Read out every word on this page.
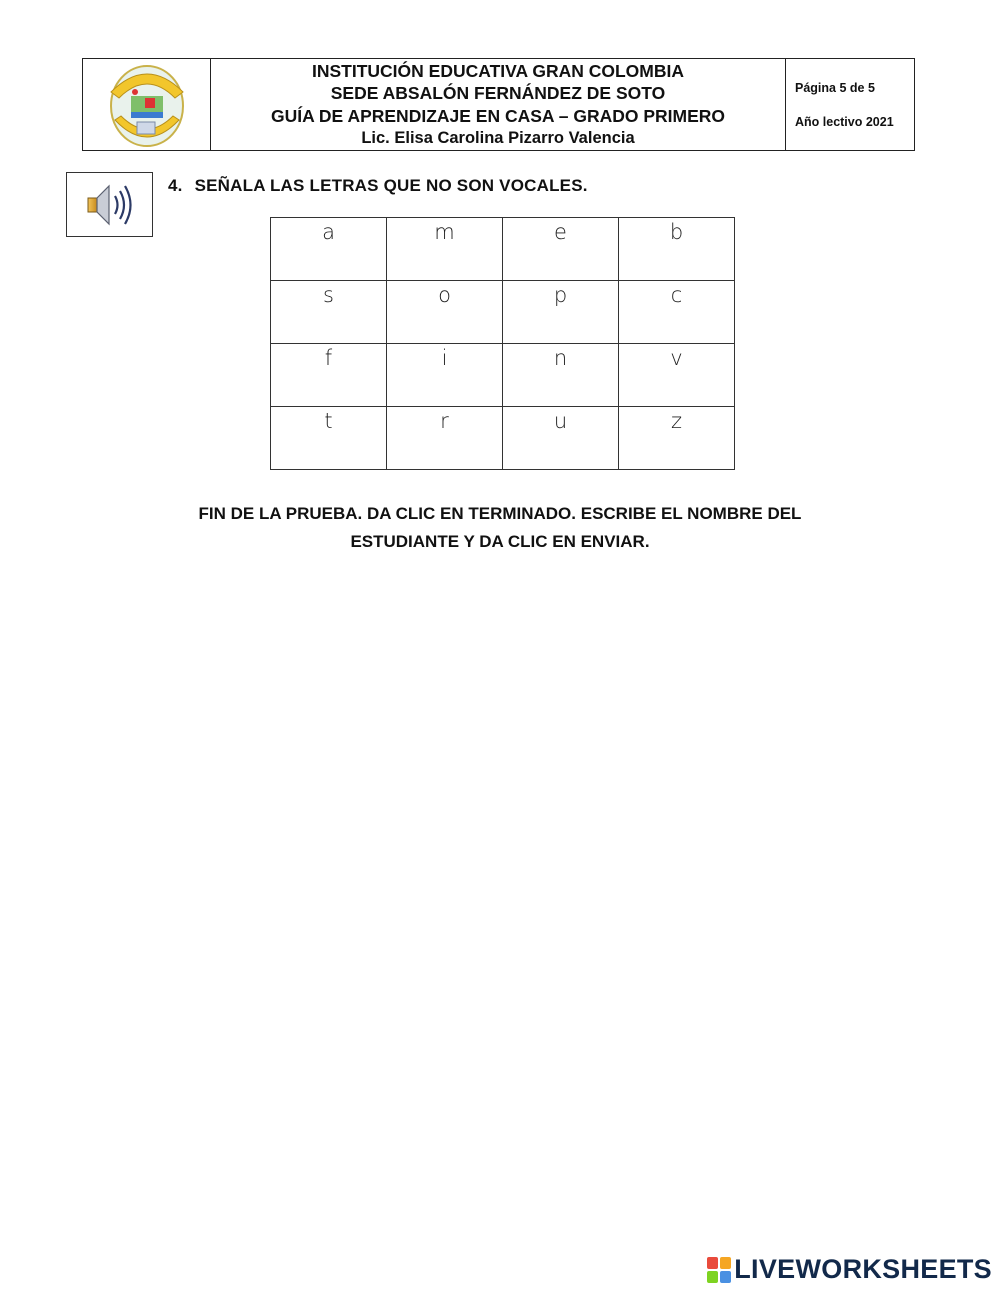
INSTITUCIÓN EDUCATIVA GRAN COLOMBIA
SEDE ABSALÓN FERNÁNDEZ DE SOTO
GUÍA DE APRENDIZAJE EN CASA – GRADO PRIMERO
Lic. Elisa Carolina Pizarro Valencia
Página 5 de 5
Año lectivo 2021
4. SEÑALA LAS LETRAS QUE NO SON VOCALES.
a	m	e	b
s	o	p	c
f	i	n	v
t	r	u	z
FIN DE LA PRUEBA. DA CLIC EN TERMINADO. ESCRIBE EL NOMBRE DEL
ESTUDIANTE Y DA CLIC EN ENVIAR.
LIVEWORKSHEETS
